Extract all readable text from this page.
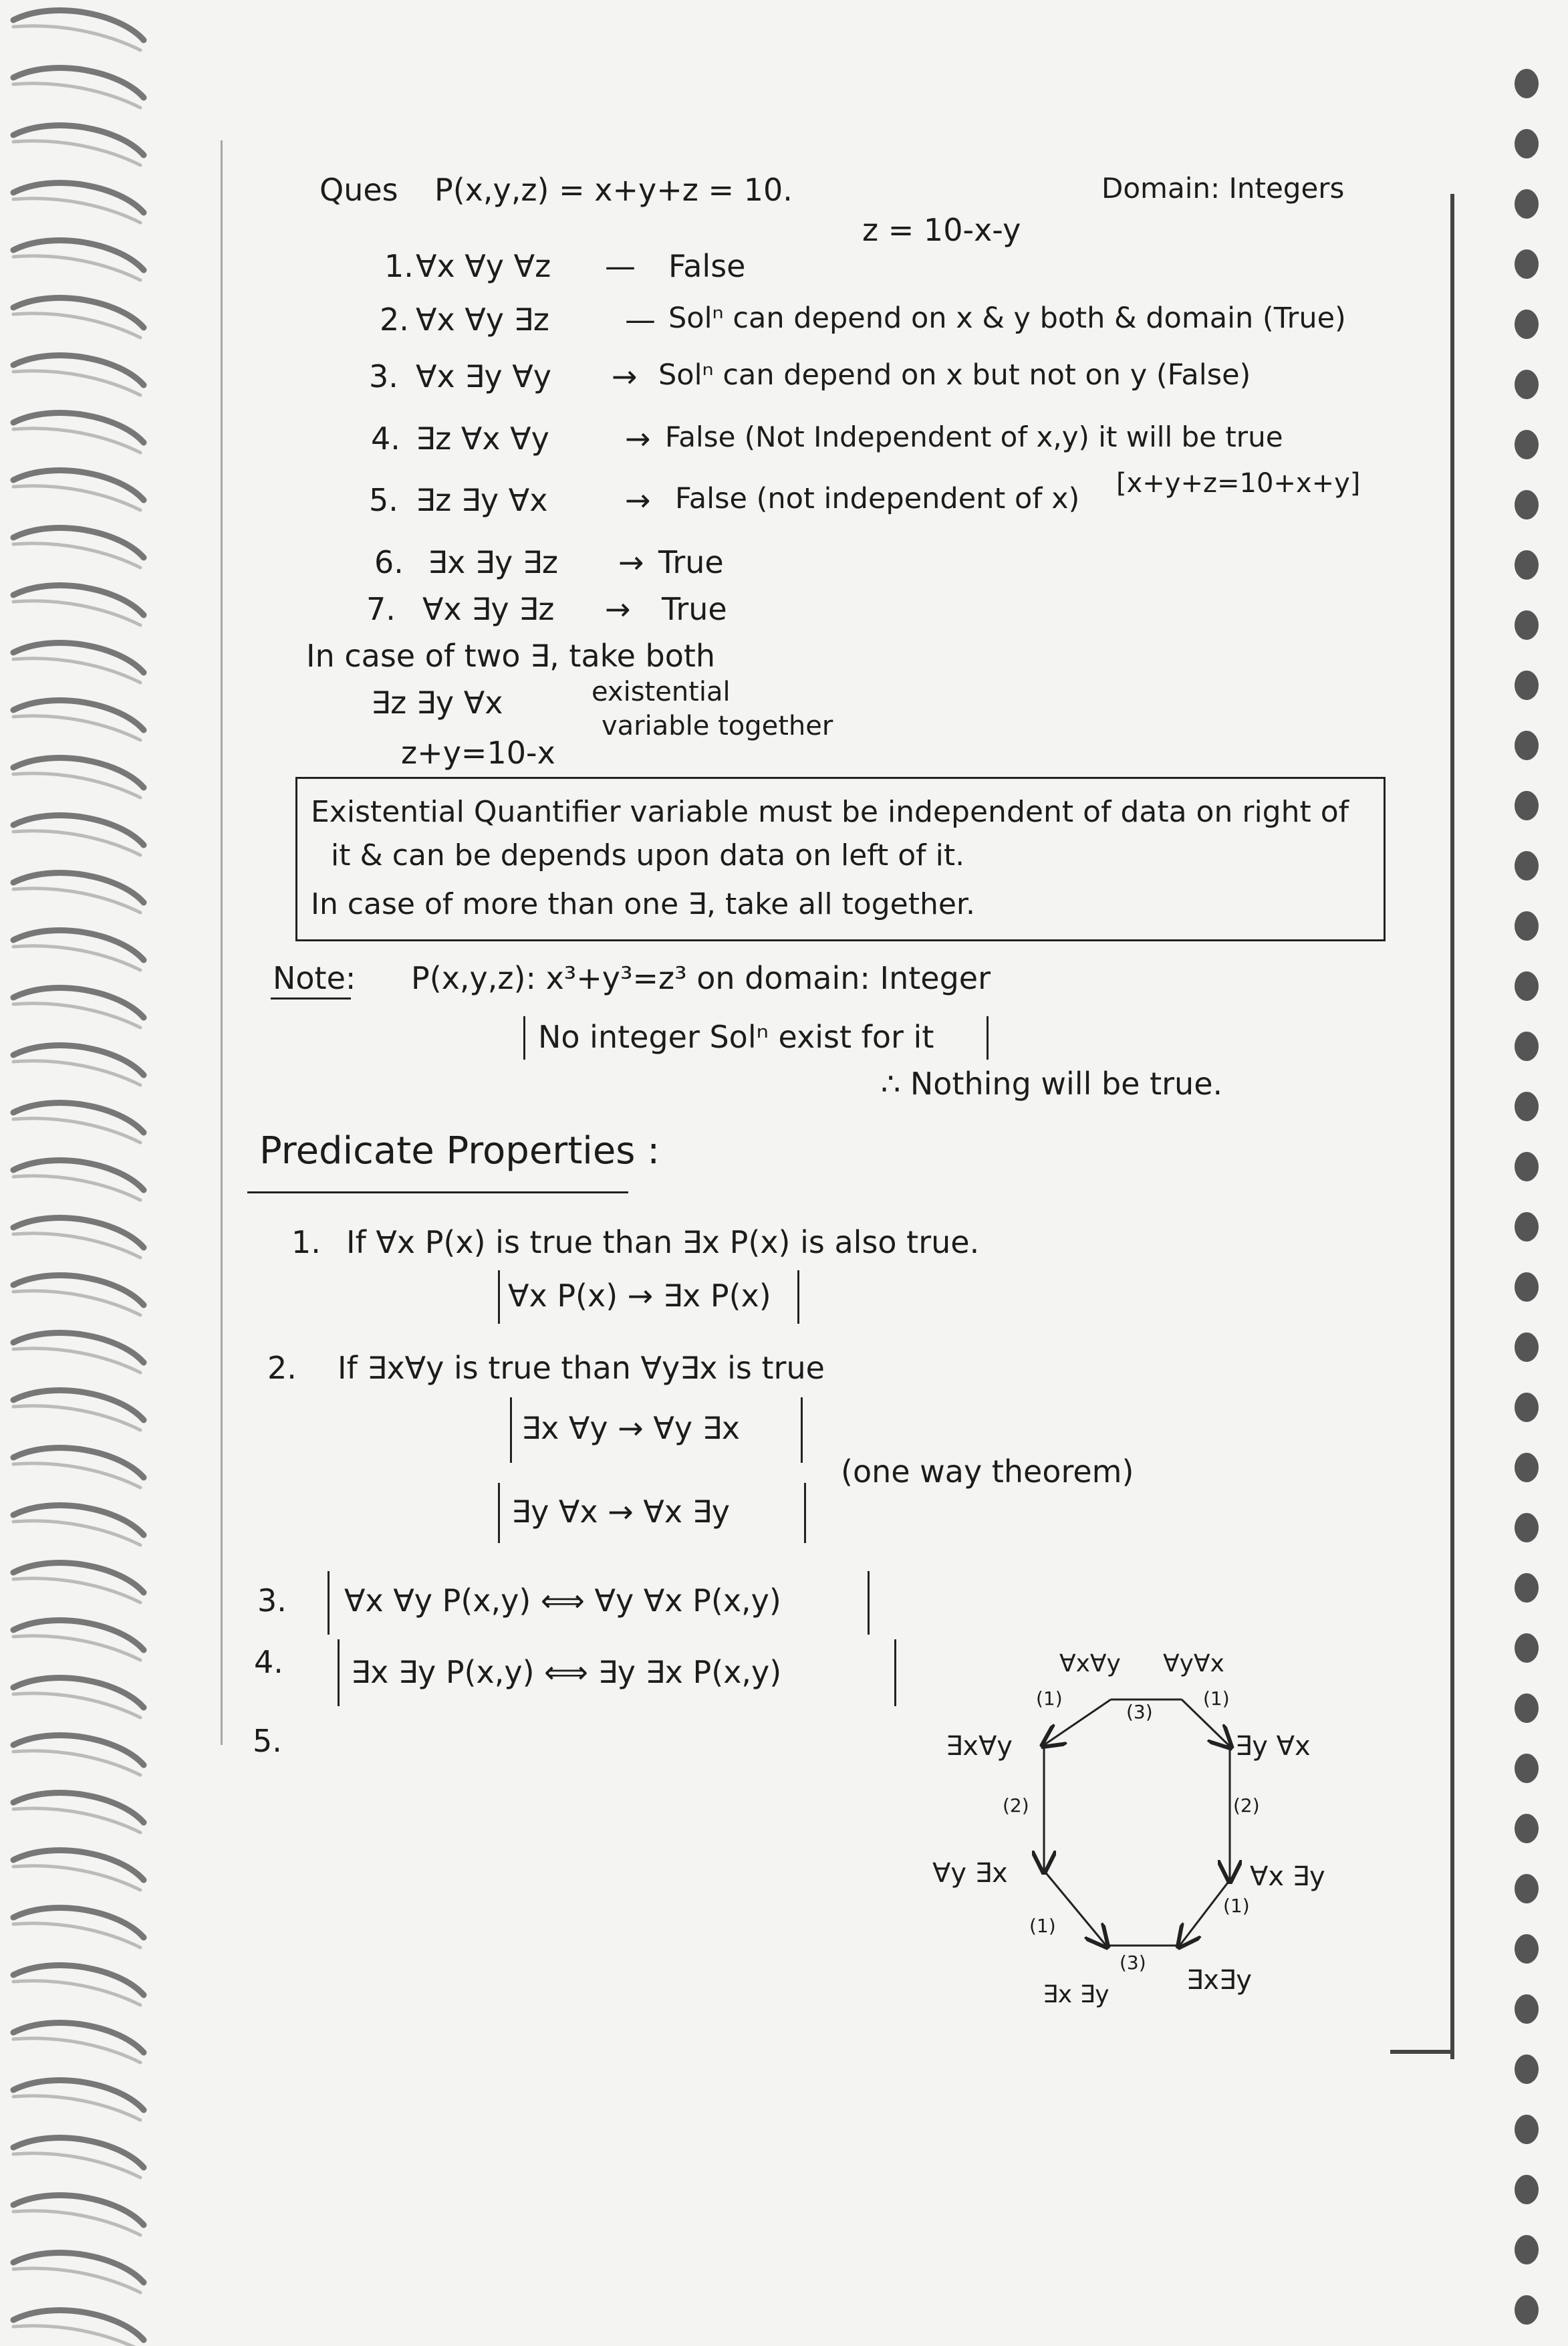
Ques P(x,y,z) = x+y+z = 10.	Domain: Integers
z = 10-x-y
1. ∀x ∀y ∀z — False
2. ∀x ∀y ∃z — Solⁿ can depend on x & y both & domain (True)
3. ∀x ∃y ∀y → Solⁿ can depend on x but not on y (False)
4. ∃z ∀x ∀y → False (Not Independent of x,y) it will be true
5. ∃z ∃y ∀x	→ False (not independent of x) [x+y+z=10+x+y]
6. ∃x ∃y ∃z → True
7. ∀x ∃y ∃z → True
In case of two ∃, take both
∃z ∃y ∀x	existential
variable together
z+y=10-x
Existential Quantifier variable must be independent of data on right of
it & can be depends upon data on left of it.
In case of more than one ∃, take all together.
Note: P(x,y,z): x³+y³=z³ on domain: Integer
No integer Solⁿ exist for it
∴ Nothing will be true.
Predicate Properties :
1. If ∀x P(x) is true than ∃x P(x) is also true.
∀x P(x) → ∃x P(x)
2. If ∃x∀y is true than ∀y∃x is true
∃x ∀y → ∀y ∃x
(one way theorem)
∃y ∀x → ∀x ∃y
3. ∀x ∀y P(x,y) ⟺ ∀y ∀x P(x,y)
4. ∃x ∃y P(x,y) ⟺ ∃y ∃x P(x,y)
5.
∀x∀y ∀y∀x
∃x∀y	∃y ∀x
∀y ∃x	∀x ∃y
∃x ∃y	∃x∃y
(1)
(3)
(1)
(2)	(2)
(1)
(1)
(3)
